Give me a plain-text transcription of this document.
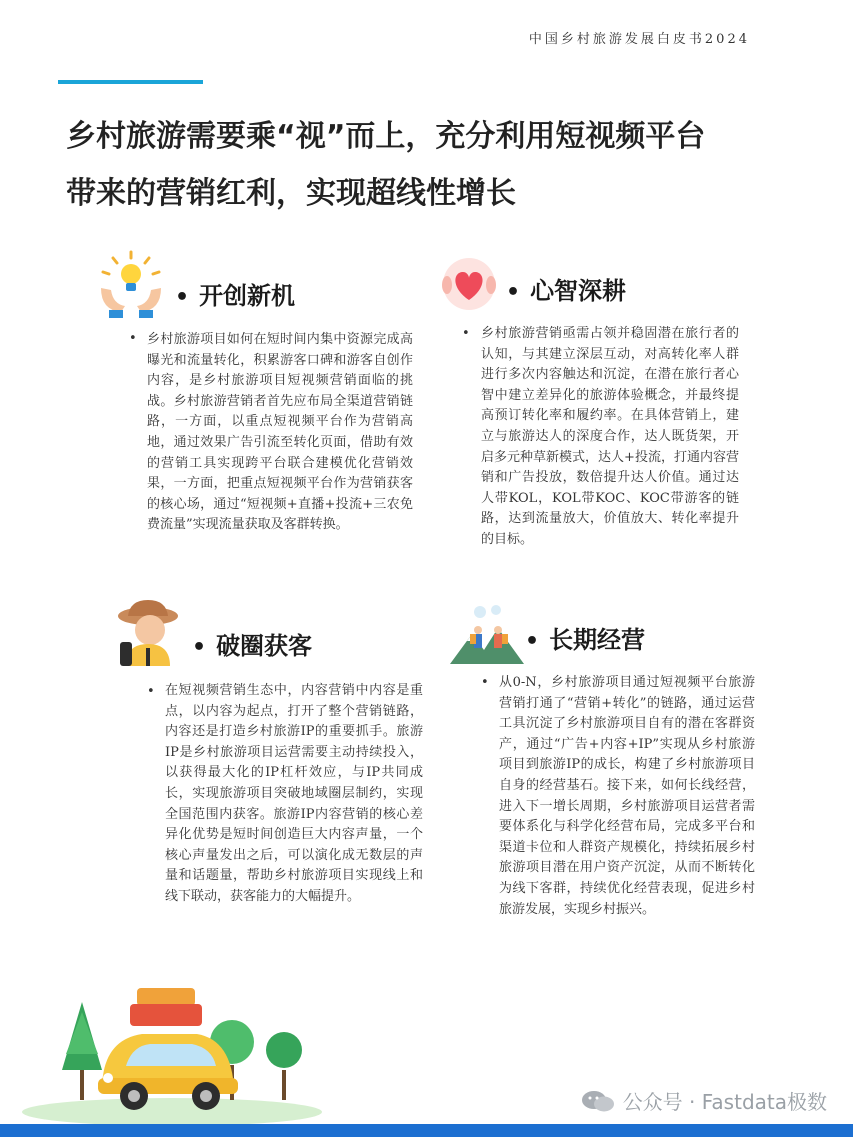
中国乡村旅游发展白皮书2024
乡村旅游需要乘“视”而上，充分利用短视频平台
带来的营销红利，实现超线性增长
• 开创新机
• 乡村旅游项目如何在短时间内集中资源完成高曝光和流量转化，积累游客口碑和游客自创作内容，是乡村旅游项目短视频营销面临的挑战。乡村旅游营销者首先应布局全渠道营销链路，一方面，以重点短视频平台作为营销高地，通过效果广告引流至转化页面，借助有效的营销工具实现跨平台联合建模优化营销效果，一方面，把重点短视频平台作为营销获客的核心场，通过“短视频+直播+投流+三农免费流量”实现流量获取及客群转换。

• 心智深耕
• 乡村旅游营销亟需占领并稳固潜在旅行者的认知，与其建立深层互动，对高转化率人群进行多次内容触达和沉淀，在潜在旅行者心智中建立差异化的旅游体验概念，并最终提高预订转化率和履约率。在具体营销上，建立与旅游达人的深度合作，达人既货架，开启多元种草新模式，达人+投流，打通内容营销和广告投放，数倍提升达人价值。通过达人带KOL，KOL带KOC、KOC带游客的链路，达到流量放大，价值放大、转化率提升的目标。

• 破圈获客
• 在短视频营销生态中，内容营销中内容是重点，以内容为起点，打开了整个营销链路，内容还是打造乡村旅游IP的重要抓手。旅游IP是乡村旅游项目运营需要主动持续投入，以获得最大化的IP杠杆效应，与IP共同成长，实现旅游项目突破地域圈层制约，实现全国范围内获客。旅游IP内容营销的核心差异化优势是短时间创造巨大内容声量，一个核心声量发出之后，可以演化成无数层的声量和话题量，帮助乡村旅游项目实现线上和线下联动，获客能力的大幅提升。

• 长期经营
• 从0-N，乡村旅游项目通过短视频平台旅游营销打通了“营销+转化”的链路，通过运营工具沉淀了乡村旅游项目自有的潜在客群资产，通过“广告+内容+IP”实现从乡村旅游项目到旅游IP的成长，构建了乡村旅游项目自身的经营基石。接下来，如何长线经营，进入下一增长周期，乡村旅游项目运营者需要体系化与科学化经营布局，完成多平台和渠道卡位和人群资产规模化，持续拓展乡村旅游项目潜在用户资产沉淀，从而不断转化为线下客群，持续优化经营表现，促进乡村旅游发展，实现乡村振兴。

公众号 · Fastdata极数
